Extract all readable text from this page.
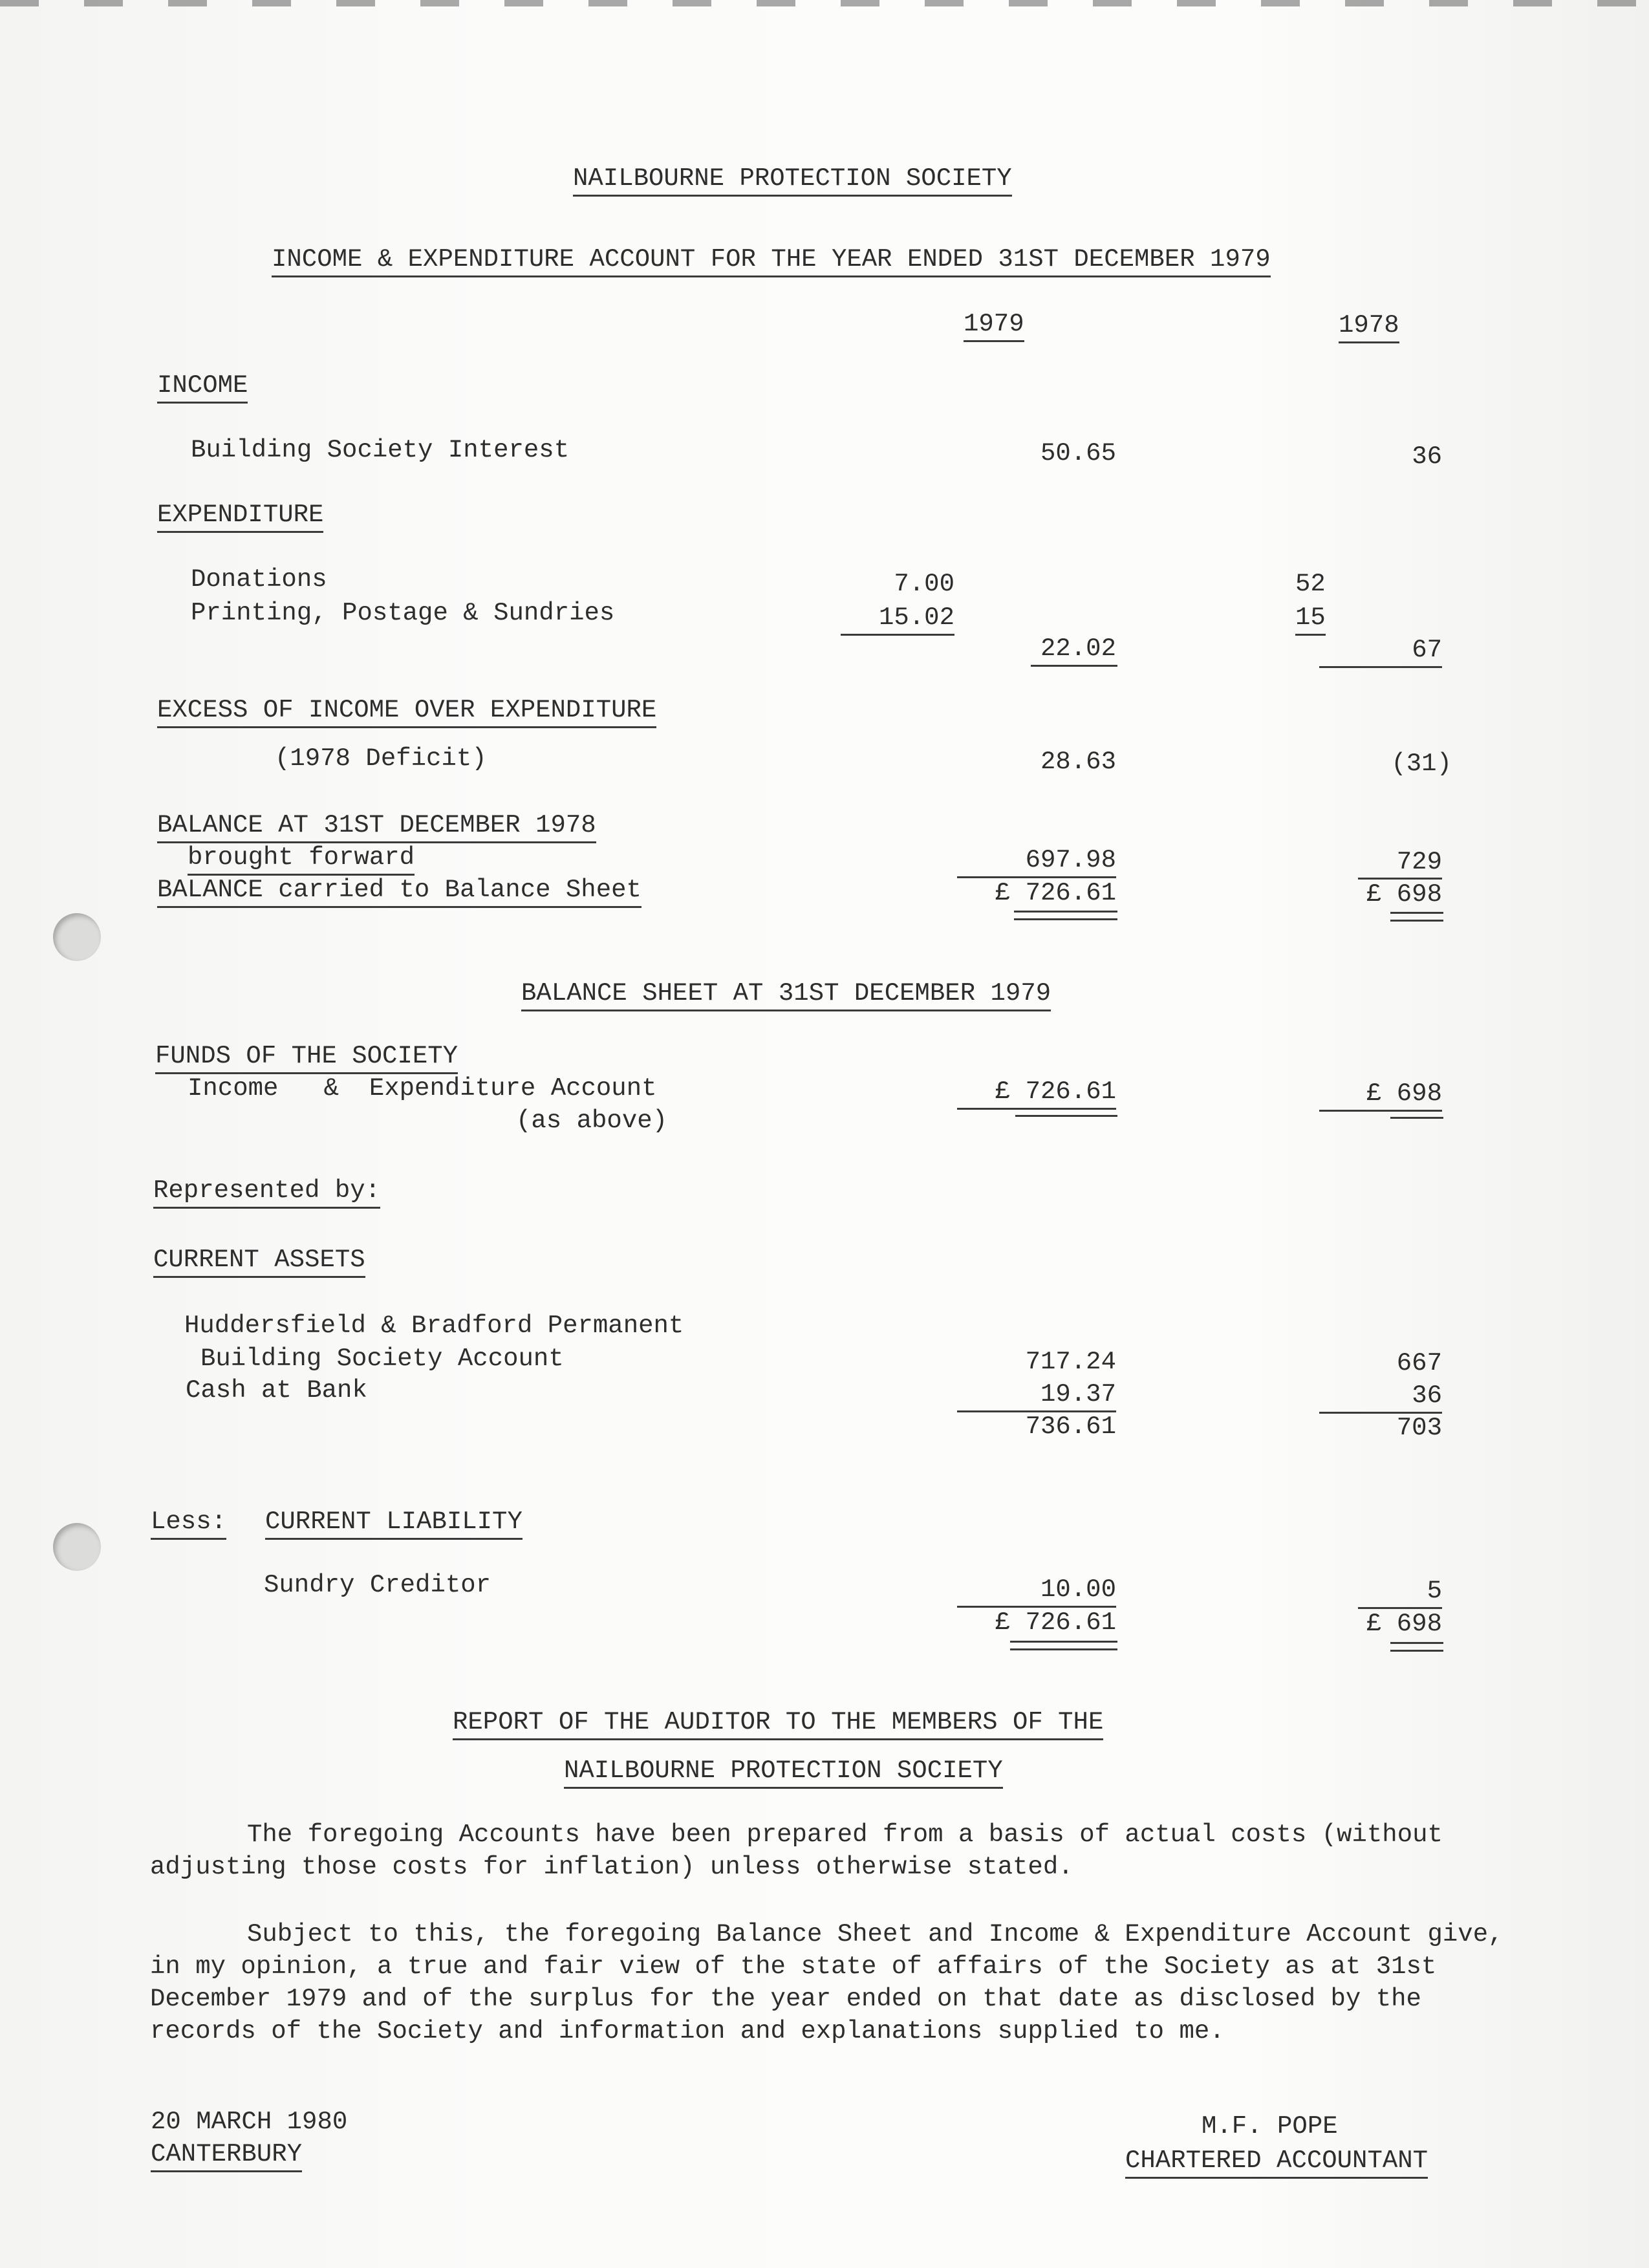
NAILBOURNE PROTECTION SOCIETY
INCOME & EXPENDITURE ACCOUNT FOR THE YEAR ENDED 31ST DECEMBER 1979
1979	1978
INCOME
Building Society Interest	50.65	36
EXPENDITURE
Donations	7.00	52
Printing, Postage & Sundries	15.02	15
22.02	67
EXCESS OF INCOME OVER EXPENDITURE
(1978 Deficit)	28.63	(31)
BALANCE AT 31ST DECEMBER 1978
brought forward	697.98	729
BALANCE carried to Balance Sheet	£ 726.61	£ 698
BALANCE SHEET AT 31ST DECEMBER 1979
FUNDS OF THE SOCIETY
Income   &  Expenditure Account
(as above)
£ 726.61	£ 698
Represented by:
CURRENT ASSETS
Huddersfield & Bradford Permanent
Building Society Account	717.24	667
Cash at Bank	19.37	36
736.61	703
Less: CURRENT LIABILITY
Sundry Creditor	10.00	5
£ 726.61	£ 698
REPORT OF THE AUDITOR TO THE MEMBERS OF THE
NAILBOURNE PROTECTION SOCIETY
The foregoing Accounts have been prepared from a basis of actual costs (without adjusting those costs for inflation) unless otherwise stated.
Subject to this, the foregoing Balance Sheet and Income & Expenditure Account give, in my opinion, a true and fair view of the state of affairs of the Society as at 31st December 1979 and of the surplus for the year ended on that date as disclosed by the records of the Society and information and explanations supplied to me.
20 MARCH 1980
CANTERBURY
M.F. POPE
CHARTERED ACCOUNTANT
